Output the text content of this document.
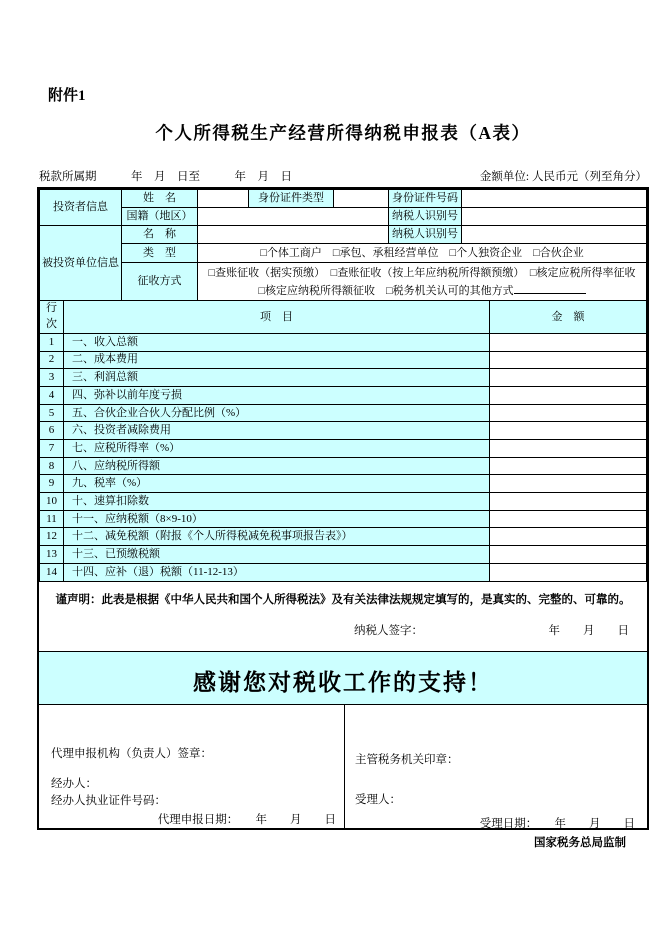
附件1
个人所得税生产经营所得纳税申报表（A表）
税款所属期　　　年　月　日至　　　年　月　日	金额单位: 人民币元（列至角分）
投资者信息	姓　名		身份证件类型		身份证件号码	
	国籍（地区）				纳税人识别号	
被投资单位信息	名　称				纳税人识别号	
	类　型	□个体工商户　□承包、承租经营单位　□个人独资企业　□合伙企业				
	征收方式	□查账征收（据实预缴）　□查账征收（按上年应纳税所得额预缴）　□核定应税所得率征收
□核定应纳税所得额征收　□税务机关认可的其他方式				
行次	项　目	金　额
1	一、收入总额	
2	二、成本费用	
3	三、利润总额	
4	四、弥补以前年度亏损	
5	五、合伙企业合伙人分配比例（%）	
6	六、投资者减除费用	
7	七、应税所得率（%）	
8	八、应纳税所得额	
9	九、税率（%）	
10	十、速算扣除数	
11	十一、应纳税额（8×9-10）	
12	十二、减免税额（附报《个人所得税减免税事项报告表》）	
13	十三、已预缴税额	
14	十四、应补（退）税额（11-12-13）	
谨声明：此表是根据《中华人民共和国个人所得税法》及有关法律法规规定填写的，是真实的、完整的、可靠的。
纳税人签字：	年　　月　　日
感谢您对税收工作的支持！
代理申报机构（负责人）签章：
经办人：
经办人执业证件号码：
代理申报日期：　　 年　　月　　日
主管税务机关印章：
受理人：
受理日期：　　 年　　月　　日
国家税务总局监制
